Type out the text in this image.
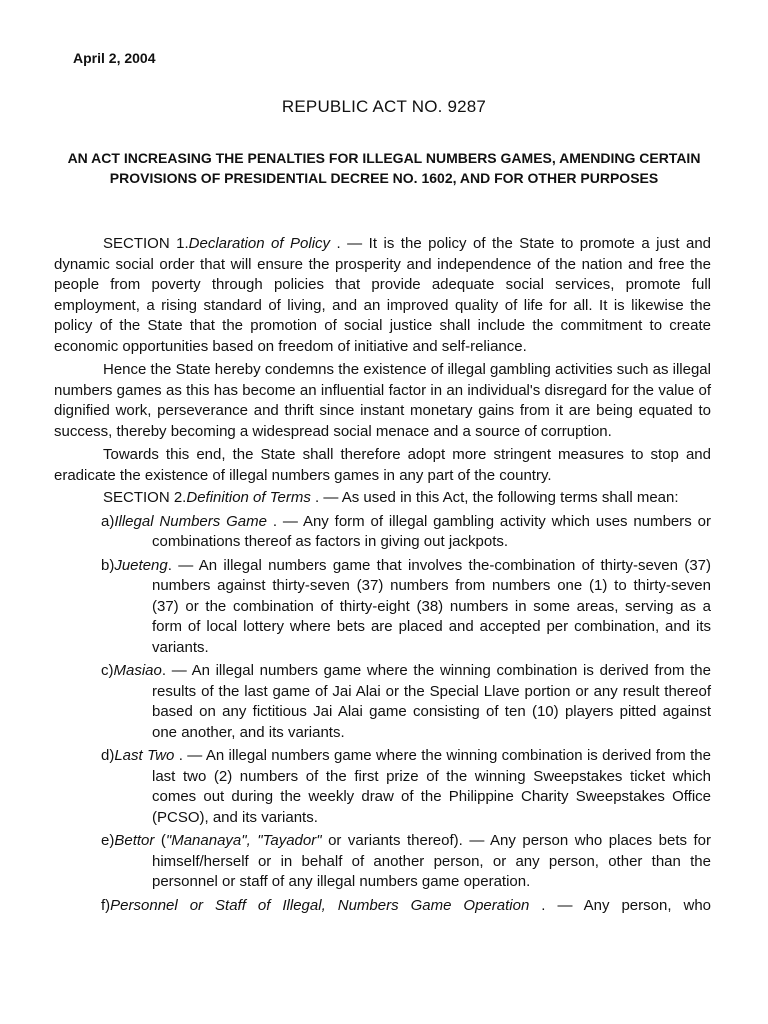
April 2, 2004
REPUBLIC ACT NO. 9287
AN ACT INCREASING THE PENALTIES FOR ILLEGAL NUMBERS GAMES, AMENDING CERTAIN PROVISIONS OF PRESIDENTIAL DECREE NO. 1602, AND FOR OTHER PURPOSES

SECTION 1.Declaration of Policy . — It is the policy of the State to promote a just and dynamic social order that will ensure the prosperity and independence of the nation and free the people from poverty through policies that provide adequate social services, promote full employment, a rising standard of living, and an improved quality of life for all. It is likewise the policy of the State that the promotion of social justice shall include the commitment to create economic opportunities based on freedom of initiative and self-reliance.

Hence the State hereby condemns the existence of illegal gambling activities such as illegal numbers games as this has become an influential factor in an individual's disregard for the value of dignified work, perseverance and thrift since instant monetary gains from it are being equated to success, thereby becoming a widespread social menace and a source of corruption.

Towards this end, the State shall therefore adopt more stringent measures to stop and eradicate the existence of illegal numbers games in any part of the country.

SECTION 2.Definition of Terms . — As used in this Act, the following terms shall mean:

a)Illegal Numbers Game . — Any form of illegal gambling activity which uses numbers or combinations thereof as factors in giving out jackpots.

b)Jueteng. — An illegal numbers game that involves the-combination of thirty-seven (37) numbers against thirty-seven (37) numbers from numbers one (1) to thirty-seven (37) or the combination of thirty-eight (38) numbers in some areas, serving as a form of local lottery where bets are placed and accepted per combination, and its variants.

c)Masiao. — An illegal numbers game where the winning combination is derived from the results of the last game of Jai Alai or the Special Llave portion or any result thereof based on any fictitious Jai Alai game consisting of ten (10) players pitted against one another, and its variants.

d)Last Two . — An illegal numbers game where the winning combination is derived from the last two (2) numbers of the first prize of the winning Sweepstakes ticket which comes out during the weekly draw of the Philippine Charity Sweepstakes Office (PCSO), and its variants.

e)Bettor ("Mananaya", "Tayador" or variants thereof). — Any person who places bets for himself/herself or in behalf of another person, or any person, other than the personnel or staff of any illegal numbers game operation.

f)Personnel or Staff of Illegal, Numbers Game Operation . — Any person, who
